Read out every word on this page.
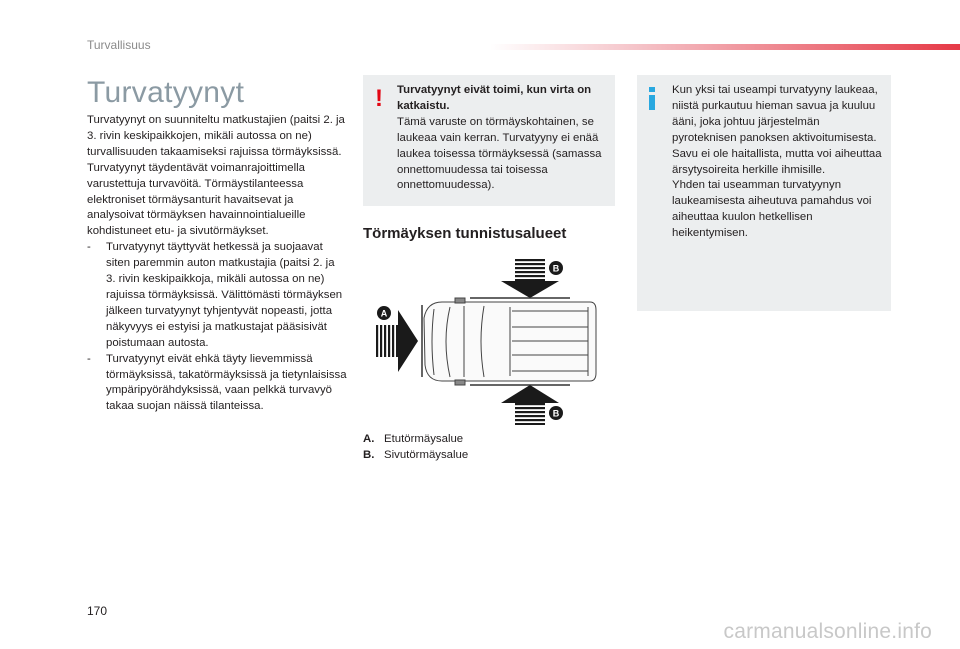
Turvallisuus
Turvatyynyt

Turvatyynyt on suunniteltu matkustajien (paitsi 2. ja 3. rivin keskipaikkojen, mikäli autossa on ne) turvallisuuden takaamiseksi rajuissa törmäyksissä. Turvatyynyt täydentävät voimanrajoittimella varustettuja turvavöitä. Törmäystilanteessa elektroniset törmäysanturit havaitsevat ja analysoivat törmäyksen havainnointialueille kohdistuneet etu- ja sivutörmäykset.

- Turvatyynyt täyttyvät hetkessä ja suojaavat siten paremmin auton matkustajia (paitsi 2. ja 3. rivin keskipaikkoja, mikäli autossa on ne) rajuissa törmäyksissä. Välittömästi törmäyksen jälkeen turvatyynyt tyhjentyvät nopeasti, jotta näkyvyys ei estyisi ja matkustajat pääsisivät poistumaan autosta.
- Turvatyynyt eivät ehkä täyty lievemmissä törmäyksissä, takatörmäyksissä ja tietynlaisissa ympäripyörähdyksissä, vaan pelkkä turvavyö takaa suojan näissä tilanteissa.
! Turvatyynyt eivät toimi, kun virta on katkaistu.
Tämä varuste on törmäyskohtainen, se laukeaa vain kerran. Turvatyyny ei enää laukea toisessa törmäyksessä (samassa onnettomuudessa tai toisessa onnettomuudessa).
Kun yksi tai useampi turvatyyny laukeaa, niistä purkautuu hieman savua ja kuuluu ääni, joka johtuu järjestelmän pyroteknisen panoksen aktivoitumisesta.
Savu ei ole haitallista, mutta voi aiheuttaa ärsytysoireita herkille ihmisille.
Yhden tai useamman turvatyynyn laukeamisesta aiheutuva pamahdus voi aiheuttaa kuulon hetkellisen heikentymisen.
Törmäyksen tunnistusalueet
A
B
B
A. Etutörmäysalue
B. Sivutörmäysalue
170
carmanualsonline.info
